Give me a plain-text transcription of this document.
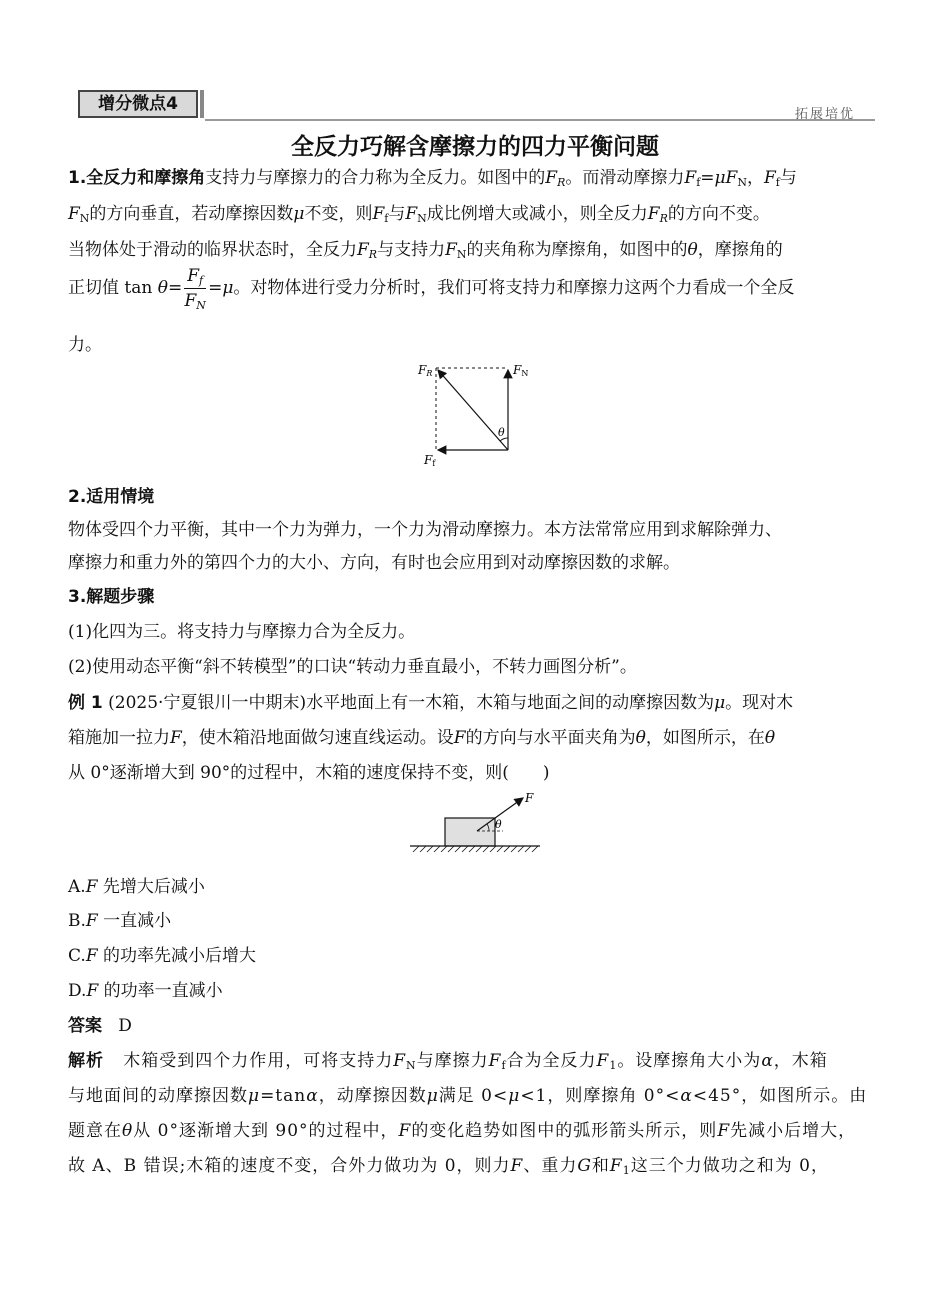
增分微点4
拓展培优
全反力巧解含摩擦力的四力平衡问题
1.全反力和摩擦角支持力与摩擦力的合力称为全反力。如图中的$F_R$。而滑动摩擦力$F_f=\mu F_N$，$F_f$与
$F_N$的方向垂直，若动摩擦因数μ不变，则$F_f$与$F_N$成比例增大或减小，则全反力$F_R$的方向不变。
当物体处于滑动的临界状态时，全反力$F_R$与支持力$F_N$的夹角称为摩擦角，如图中的θ，摩擦角的
正切值 $\tan \theta= \frac{F_f}{F_N} =\mu$。对物体进行受力分析时，我们可将支持力和摩擦力这两个力看成一个全反
力。
FR	FN
Ff
θ
2.适用情境
物体受四个力平衡，其中一个力为弹力，一个力为滑动摩擦力。本方法常常应用到求解除弹力、
摩擦力和重力外的第四个力的大小、方向，有时也会应用到对动摩擦因数的求解。
3.解题步骤
(1)化四为三。将支持力与摩擦力合为全反力。
(2)使用动态平衡“斜不转模型”的口诀“转动力垂直最小，不转力画图分析”。
例 1 (2025·宁夏银川一中期末)水平地面上有一木箱，木箱与地面之间的动摩擦因数为μ。现对木
箱施加一拉力F，使木箱沿地面做匀速直线运动。设F的方向与水平面夹角为θ，如图所示，在θ
从 0°逐渐增大到 90°的过程中，木箱的速度保持不变，则(　　)
F
θ
A.F 先增大后减小
B.F 一直减小
C.F 的功率先减小后增大
D.F 的功率一直减小
答案 D
解析 木箱受到四个力作用，可将支持力$F_N$与摩擦力$F_f$合为全反力$F_1$。设摩擦角大小为α，木箱
与地面间的动摩擦因数μ=tanα，动摩擦因数μ满足 0<μ<1，则摩擦角 0°<α<45°，如图所示。由
题意在θ从 0°逐渐增大到 90°的过程中，F的变化趋势如图中的弧形箭头所示，则F先减小后增大，
故 A、B 错误;木箱的速度不变，合外力做功为 0，则力F、重力G和$F_1$这三个力做功之和为 0，
